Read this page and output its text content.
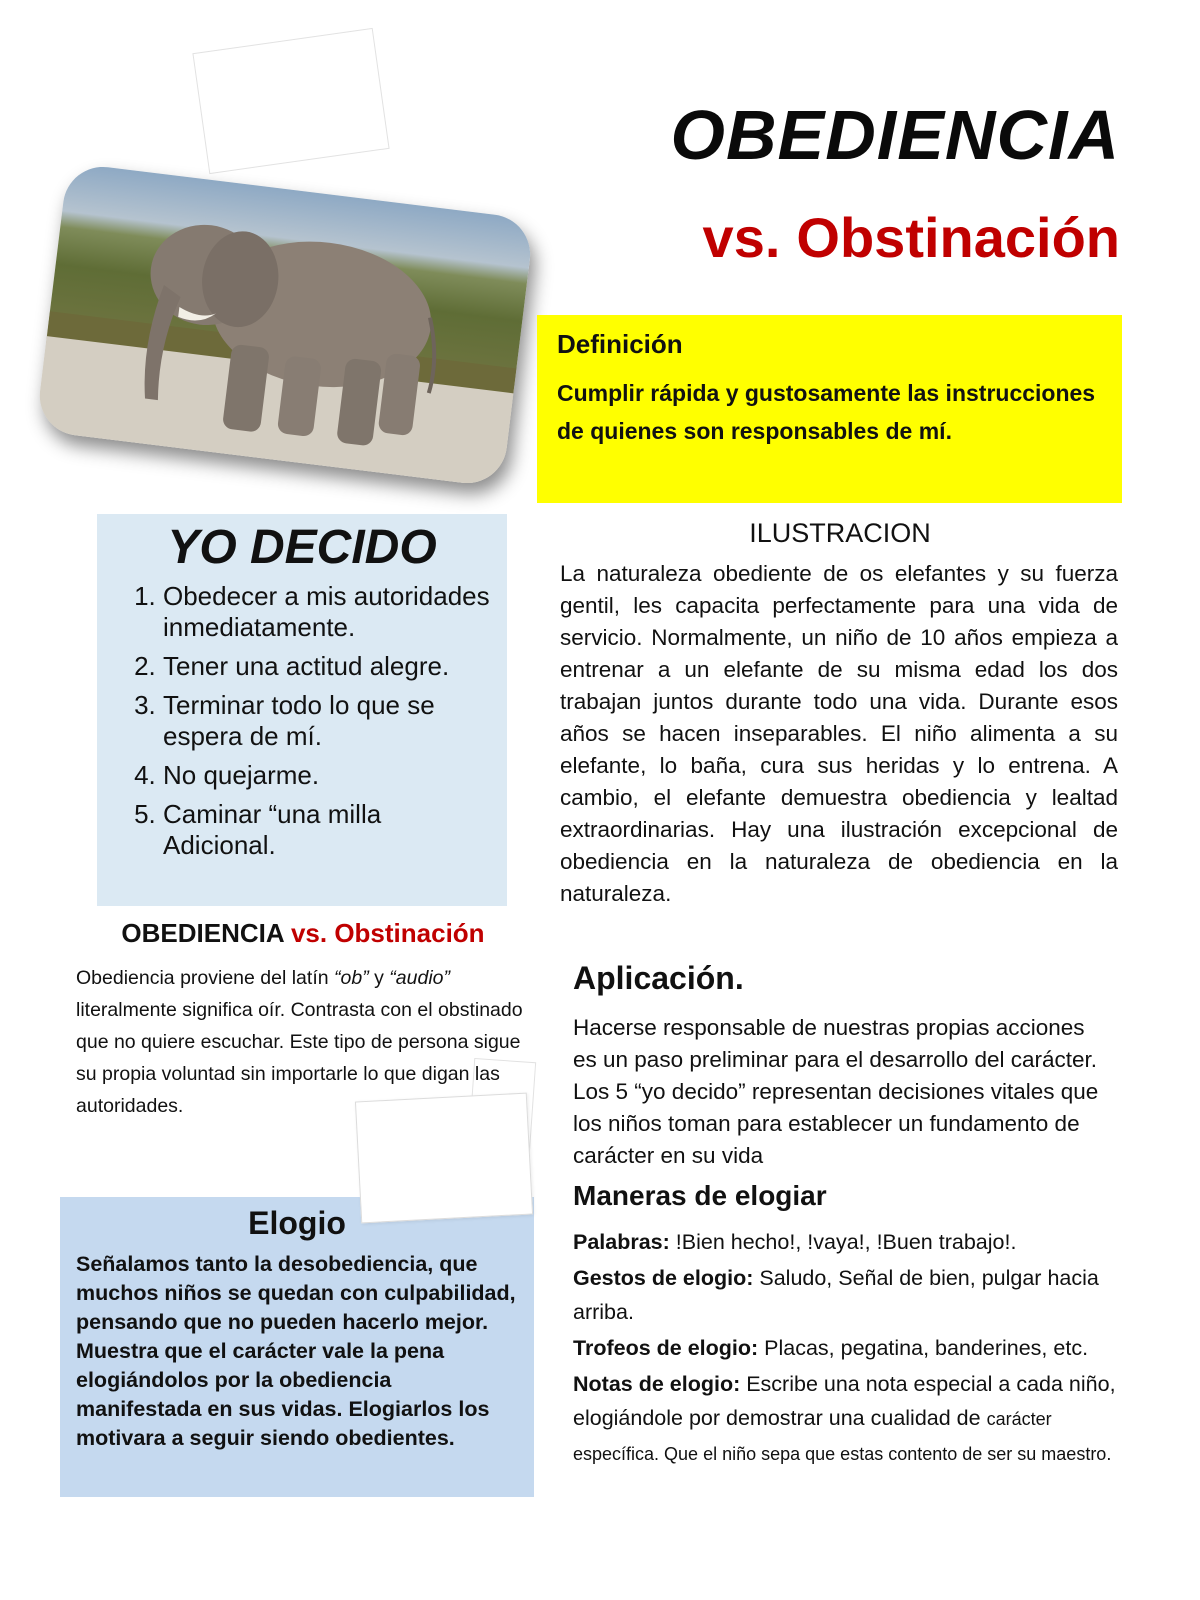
OBEDIENCIA
vs. Obstinación
Definición
Cumplir rápida y gustosamente las instrucciones de quienes son responsables de mí.
YO DECIDO
1. Obedecer a mis autoridades inmediatamente.
2. Tener una actitud alegre.
3. Terminar todo lo que se espera de mí.
4. No quejarme.
5. Caminar “una milla Adicional.
ILUSTRACION
La naturaleza obediente de os elefantes y su fuerza gentil, les capacita perfectamente para una vida de servicio. Normalmente, un niño de 10 años empieza a entrenar a un elefante de su misma edad los dos trabajan juntos durante todo una vida. Durante esos años se hacen inseparables. El niño alimenta a su elefante, lo baña, cura sus heridas y lo entrena. A cambio, el elefante demuestra obediencia y lealtad extraordinarias. Hay una ilustración excepcional de obediencia en la naturaleza de obediencia en la naturaleza.
OBEDIENCIA vs. Obstinación
Obediencia proviene del latín “ob” y “audio” literalmente significa oír. Contrasta con el obstinado que no quiere escuchar. Este tipo de persona sigue su propia voluntad sin importarle lo que digan las autoridades.
Aplicación.
Hacerse responsable de nuestras propias acciones es un paso preliminar para el desarrollo del carácter. Los 5 “yo decido” representan decisiones vitales que los niños toman para establecer un fundamento de carácter en su vida
Maneras de elogiar

Palabras: !Bien hecho!, !vaya!, !Buen trabajo!.

Gestos de elogio: Saludo, Señal de bien, pulgar hacia arriba.

Trofeos de elogio: Placas, pegatina, banderines, etc.

Notas de elogio: Escribe una nota especial a cada niño, elogiándole por demostrar una cualidad de carácter específica. Que el niño sepa que estas contento de ser su maestro.

Elogio
Señalamos tanto la desobediencia, que muchos niños se quedan con culpabilidad, pensando que no pueden hacerlo mejor. Muestra que el carácter vale la pena elogiándolos por la obediencia manifestada en sus vidas. Elogiarlos los motivara a seguir siendo obedientes.
